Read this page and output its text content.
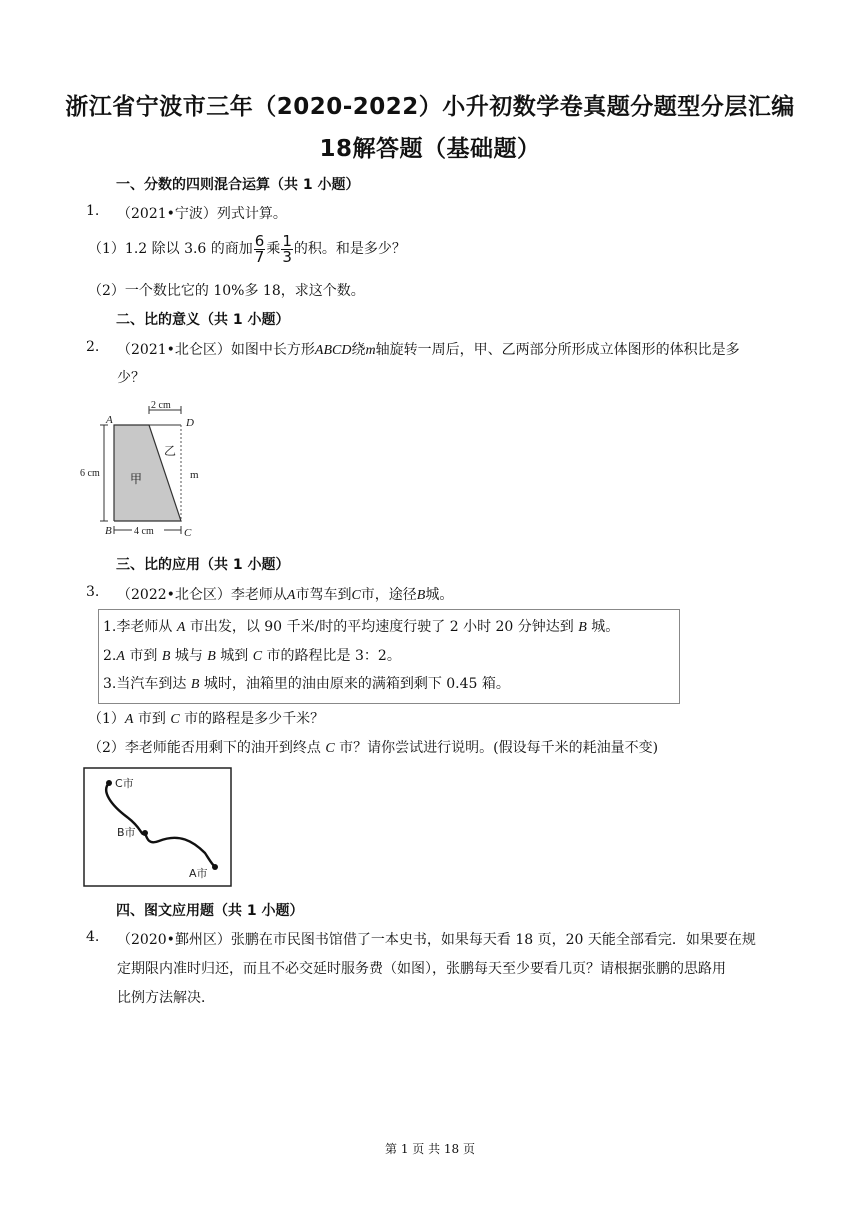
浙江省宁波市三年（2020-2022）小升初数学卷真题分题型分层汇编
18解答题（基础题）
一、分数的四则混合运算（共 1 小题）
1. （2021•宁波）列式计算。
（1）1.2 除以 3.6 的商加 $\frac{6}{7}$ 乘 $\frac{1}{3}$ 的积。和是多少？
（2）一个数比它的 10%多 18，求这个数。
二、比的意义（共 1 小题）
2. （2021•北仑区）如图中长方形ABCD绕m轴旋转一周后，甲、乙两部分所形成立体图形的体积比是多
少？
A	D
B	C
2 cm
6 cm
4 cm
甲
乙
m
三、比的应用（共 1 小题）
3. （2022•北仑区）李老师从A市驾车到C市，途径B城。
1.李老师从 A 市出发，以 90 千米/时的平均速度行驶了 2 小时 20 分钟达到 B 城。
2.A 市到 B 城与 B 城到 C 市的路程比是 3：2。
3.当汽车到达 B 城时，油箱里的油由原来的满箱到剩下 0.45 箱。
（1）A 市到 C 市的路程是多少千米？
（2）李老师能否用剩下的油开到终点 C 市？请你尝试进行说明。(假设每千米的耗油量不变)
C市
B市
A市
四、图文应用题（共 1 小题）
4. （2020•鄞州区）张鹏在市民图书馆借了一本史书，如果每天看 18 页，20 天能全部看完．如果要在规
定期限内准时归还，而且不必交延时服务费（如图），张鹏每天至少要看几页？请根据张鹏的思路用
比例方法解决．
第 1 页 共 18 页
